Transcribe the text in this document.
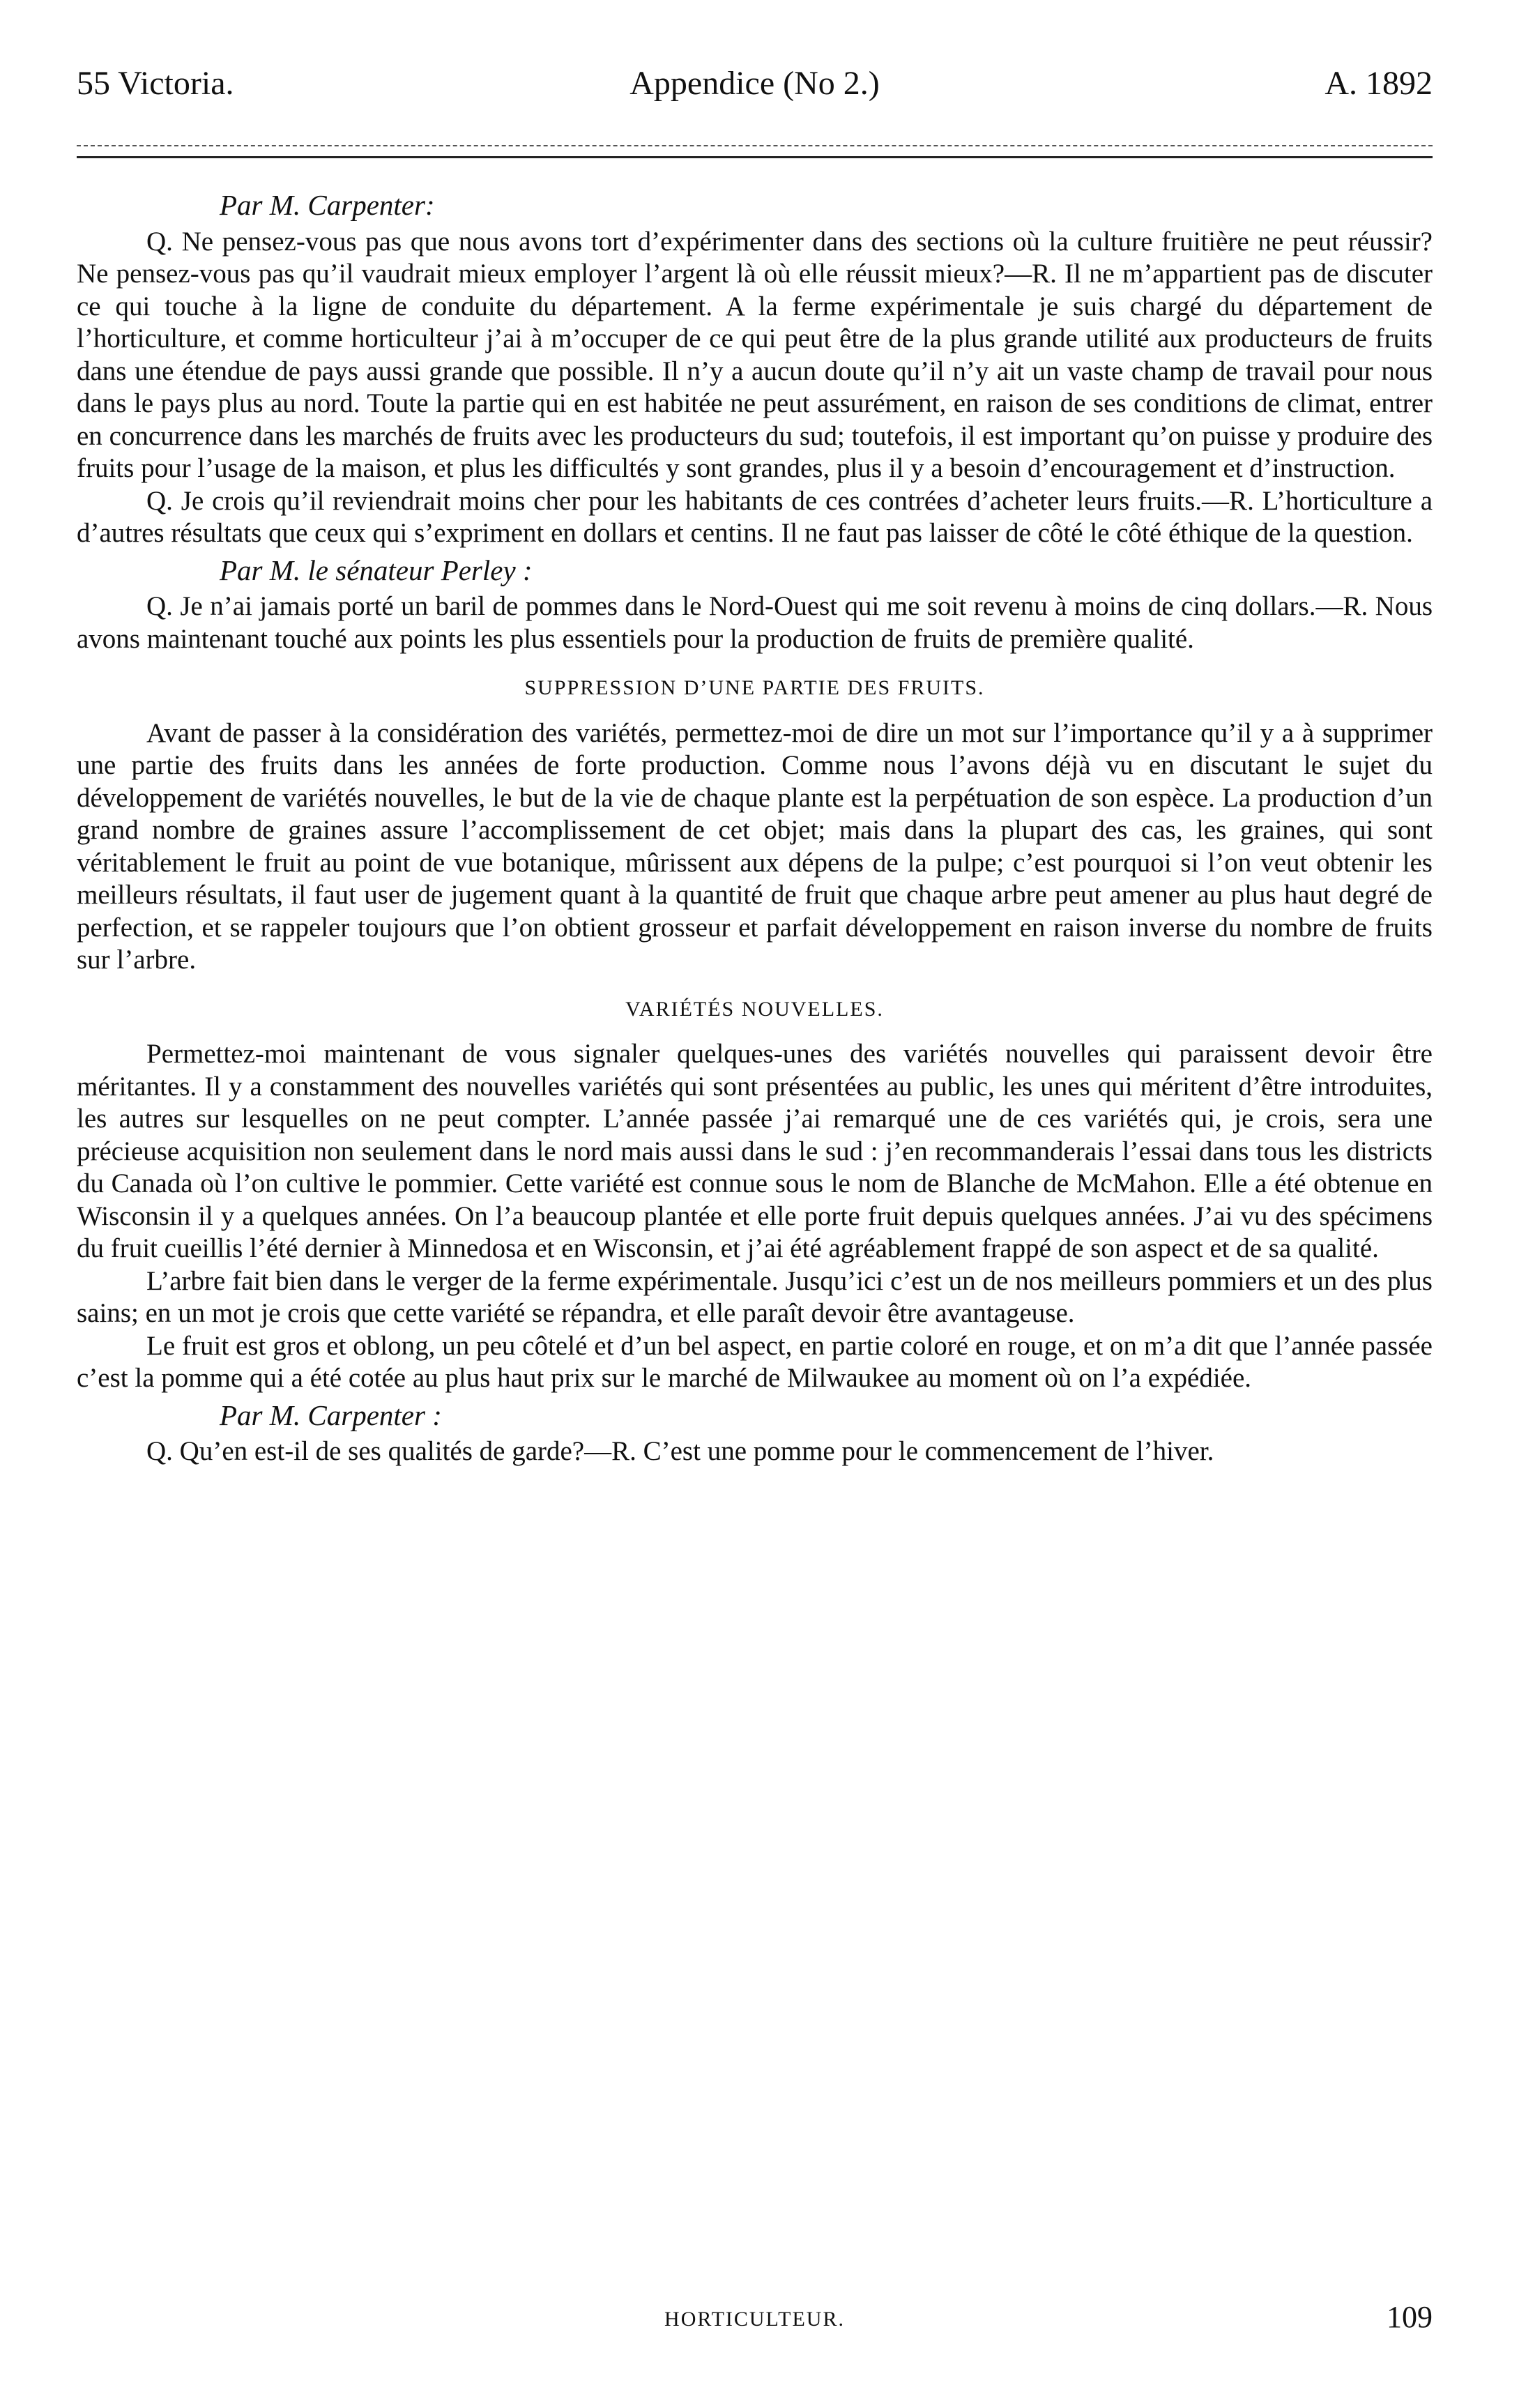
55 Victoria.	Appendice (No 2.)	A. 1892
Par M. Carpenter:

Q. Ne pensez-vous pas que nous avons tort d’expérimenter dans des sections où la culture fruitière ne peut réussir? Ne pensez-vous pas qu’il vaudrait mieux employer l’argent là où elle réussit mieux?—R. Il ne m’appartient pas de discuter ce qui touche à la ligne de conduite du département. A la ferme expérimentale je suis chargé du département de l’horticulture, et comme horticulteur j’ai à m’occuper de ce qui peut être de la plus grande utilité aux producteurs de fruits dans une étendue de pays aussi grande que possible. Il n’y a aucun doute qu’il n’y ait un vaste champ de travail pour nous dans le pays plus au nord. Toute la partie qui en est habitée ne peut assurément, en raison de ses conditions de climat, entrer en concurrence dans les marchés de fruits avec les producteurs du sud; toutefois, il est important qu’on puisse y produire des fruits pour l’usage de la maison, et plus les difficultés y sont grandes, plus il y a besoin d’encouragement et d’instruction.

Q. Je crois qu’il reviendrait moins cher pour les habitants de ces contrées d’acheter leurs fruits.—R. L’horticulture a d’autres résultats que ceux qui s’expriment en dollars et centins. Il ne faut pas laisser de côté le côté éthique de la question.

Par M. le sénateur Perley :

Q. Je n’ai jamais porté un baril de pommes dans le Nord-Ouest qui me soit revenu à moins de cinq dollars.—R. Nous avons maintenant touché aux points les plus essentiels pour la production de fruits de première qualité.

SUPPRESSION D’UNE PARTIE DES FRUITS.

Avant de passer à la considération des variétés, permettez-moi de dire un mot sur l’importance qu’il y a à supprimer une partie des fruits dans les années de forte production. Comme nous l’avons déjà vu en discutant le sujet du développement de variétés nouvelles, le but de la vie de chaque plante est la perpétuation de son espèce. La production d’un grand nombre de graines assure l’accomplissement de cet objet; mais dans la plupart des cas, les graines, qui sont véritablement le fruit au point de vue botanique, mûrissent aux dépens de la pulpe; c’est pourquoi si l’on veut obtenir les meilleurs résultats, il faut user de jugement quant à la quantité de fruit que chaque arbre peut amener au plus haut degré de perfection, et se rappeler toujours que l’on obtient grosseur et parfait développement en raison inverse du nombre de fruits sur l’arbre.

VARIÉTÉS NOUVELLES.

Permettez-moi maintenant de vous signaler quelques-unes des variétés nouvelles qui paraissent devoir être méritantes. Il y a constamment des nouvelles variétés qui sont présentées au public, les unes qui méritent d’être introduites, les autres sur lesquelles on ne peut compter. L’année passée j’ai remarqué une de ces variétés qui, je crois, sera une précieuse acquisition non seulement dans le nord mais aussi dans le sud : j’en recommanderais l’essai dans tous les districts du Canada où l’on cultive le pommier. Cette variété est connue sous le nom de Blanche de McMahon. Elle a été obtenue en Wisconsin il y a quelques années. On l’a beaucoup plantée et elle porte fruit depuis quelques années. J’ai vu des spécimens du fruit cueillis l’été dernier à Minnedosa et en Wisconsin, et j’ai été agréablement frappé de son aspect et de sa qualité.

L’arbre fait bien dans le verger de la ferme expérimentale. Jusqu’ici c’est un de nos meilleurs pommiers et un des plus sains; en un mot je crois que cette variété se répandra, et elle paraît devoir être avantageuse.

Le fruit est gros et oblong, un peu côtelé et d’un bel aspect, en partie coloré en rouge, et on m’a dit que l’année passée c’est la pomme qui a été cotée au plus haut prix sur le marché de Milwaukee au moment où on l’a expédiée.

Par M. Carpenter :

Q. Qu’en est-il de ses qualités de garde?—R. C’est une pomme pour le commencement de l’hiver.

HORTICULTEUR.	109
